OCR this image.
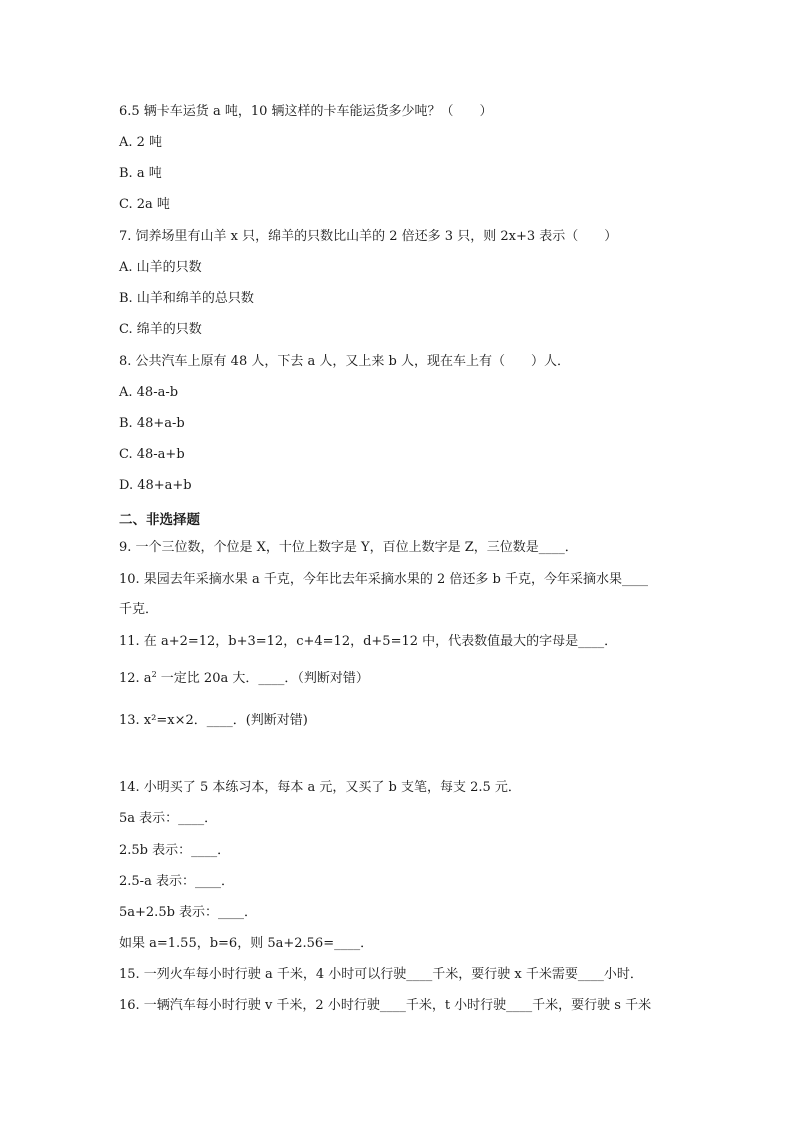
6.5 辆卡车运货 a 吨，10 辆这样的卡车能运货多少吨？（　　）
A. 2 吨
B. a 吨
C. 2a 吨
7. 饲养场里有山羊 x 只，绵羊的只数比山羊的 2 倍还多 3 只，则 2x+3 表示（　　）
A. 山羊的只数
B. 山羊和绵羊的总只数
C. 绵羊的只数
8. 公共汽车上原有 48 人，下去 a 人，又上来 b 人，现在车上有（　　）人．
A. 48-a-b
B. 48+a-b
C. 48-a+b
D. 48+a+b
二、非选择题
9. 一个三位数，个位是 X，十位上数字是 Y，百位上数字是 Z，三位数是____．
10. 果园去年采摘水果 a 千克，今年比去年采摘水果的 2 倍还多 b 千克，今年采摘水果____
千克．
11. 在 a+2=12，b+3=12，c+4=12，d+5=12 中，代表数值最大的字母是____．
12. $a^2$ 一定比 20a 大．____．（判断对错）
13. x²=x×2．____．(判断对错)
14. 小明买了 5 本练习本，每本 a 元，又买了 b 支笔，每支 2.5 元．
5a 表示：____．
2.5b 表示：____．
2.5-a 表示：____．
5a+2.5b 表示：____．
如果 a=1.55，b=6，则 5a+2.56=____．
15. 一列火车每小时行驶 a 千米，4 小时可以行驶____千米，要行驶 x 千米需要____小时．
16. 一辆汽车每小时行驶 v 千米，2 小时行驶____千米，t 小时行驶____千米，要行驶 s 千米
